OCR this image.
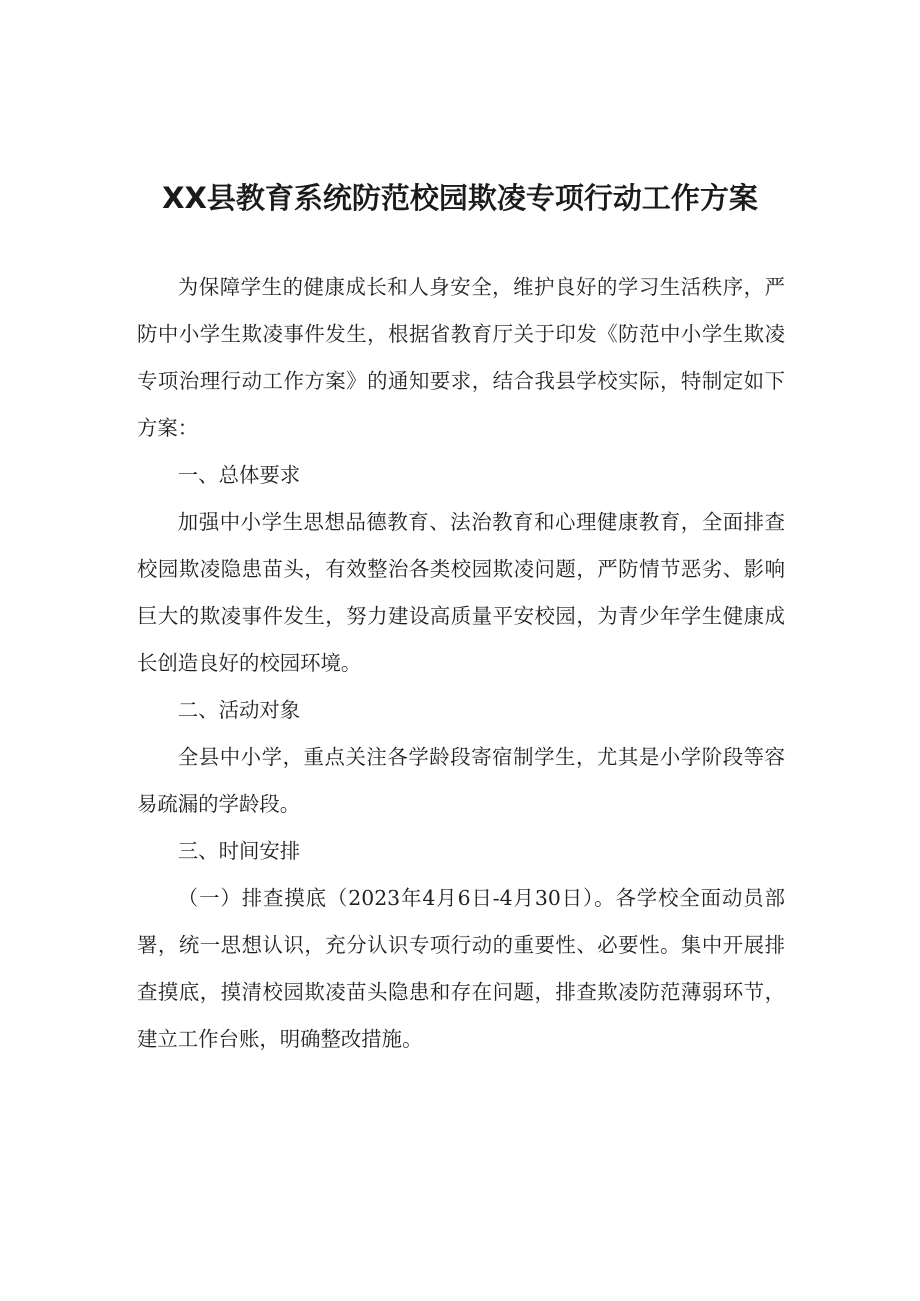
XX县教育系统防范校园欺凌专项行动工作方案

为保障学生的健康成长和人身安全，维护良好的学习生活秩序，严防中小学生欺凌事件发生，根据省教育厅关于印发《防范中小学生欺凌专项治理行动工作方案》的通知要求，结合我县学校实际，特制定如下方案：

一、总体要求

加强中小学生思想品德教育、法治教育和心理健康教育，全面排查校园欺凌隐患苗头，有效整治各类校园欺凌问题，严防情节恶劣、影响巨大的欺凌事件发生，努力建设高质量平安校园，为青少年学生健康成长创造良好的校园环境。

二、活动对象

全县中小学，重点关注各学龄段寄宿制学生，尤其是小学阶段等容易疏漏的学龄段。

三、时间安排

（一）排查摸底（2023年4月6日-4月30日）。各学校全面动员部署，统一思想认识，充分认识专项行动的重要性、必要性。集中开展排查摸底，摸清校园欺凌苗头隐患和存在问题，排查欺凌防范薄弱环节，建立工作台账，明确整改措施。
